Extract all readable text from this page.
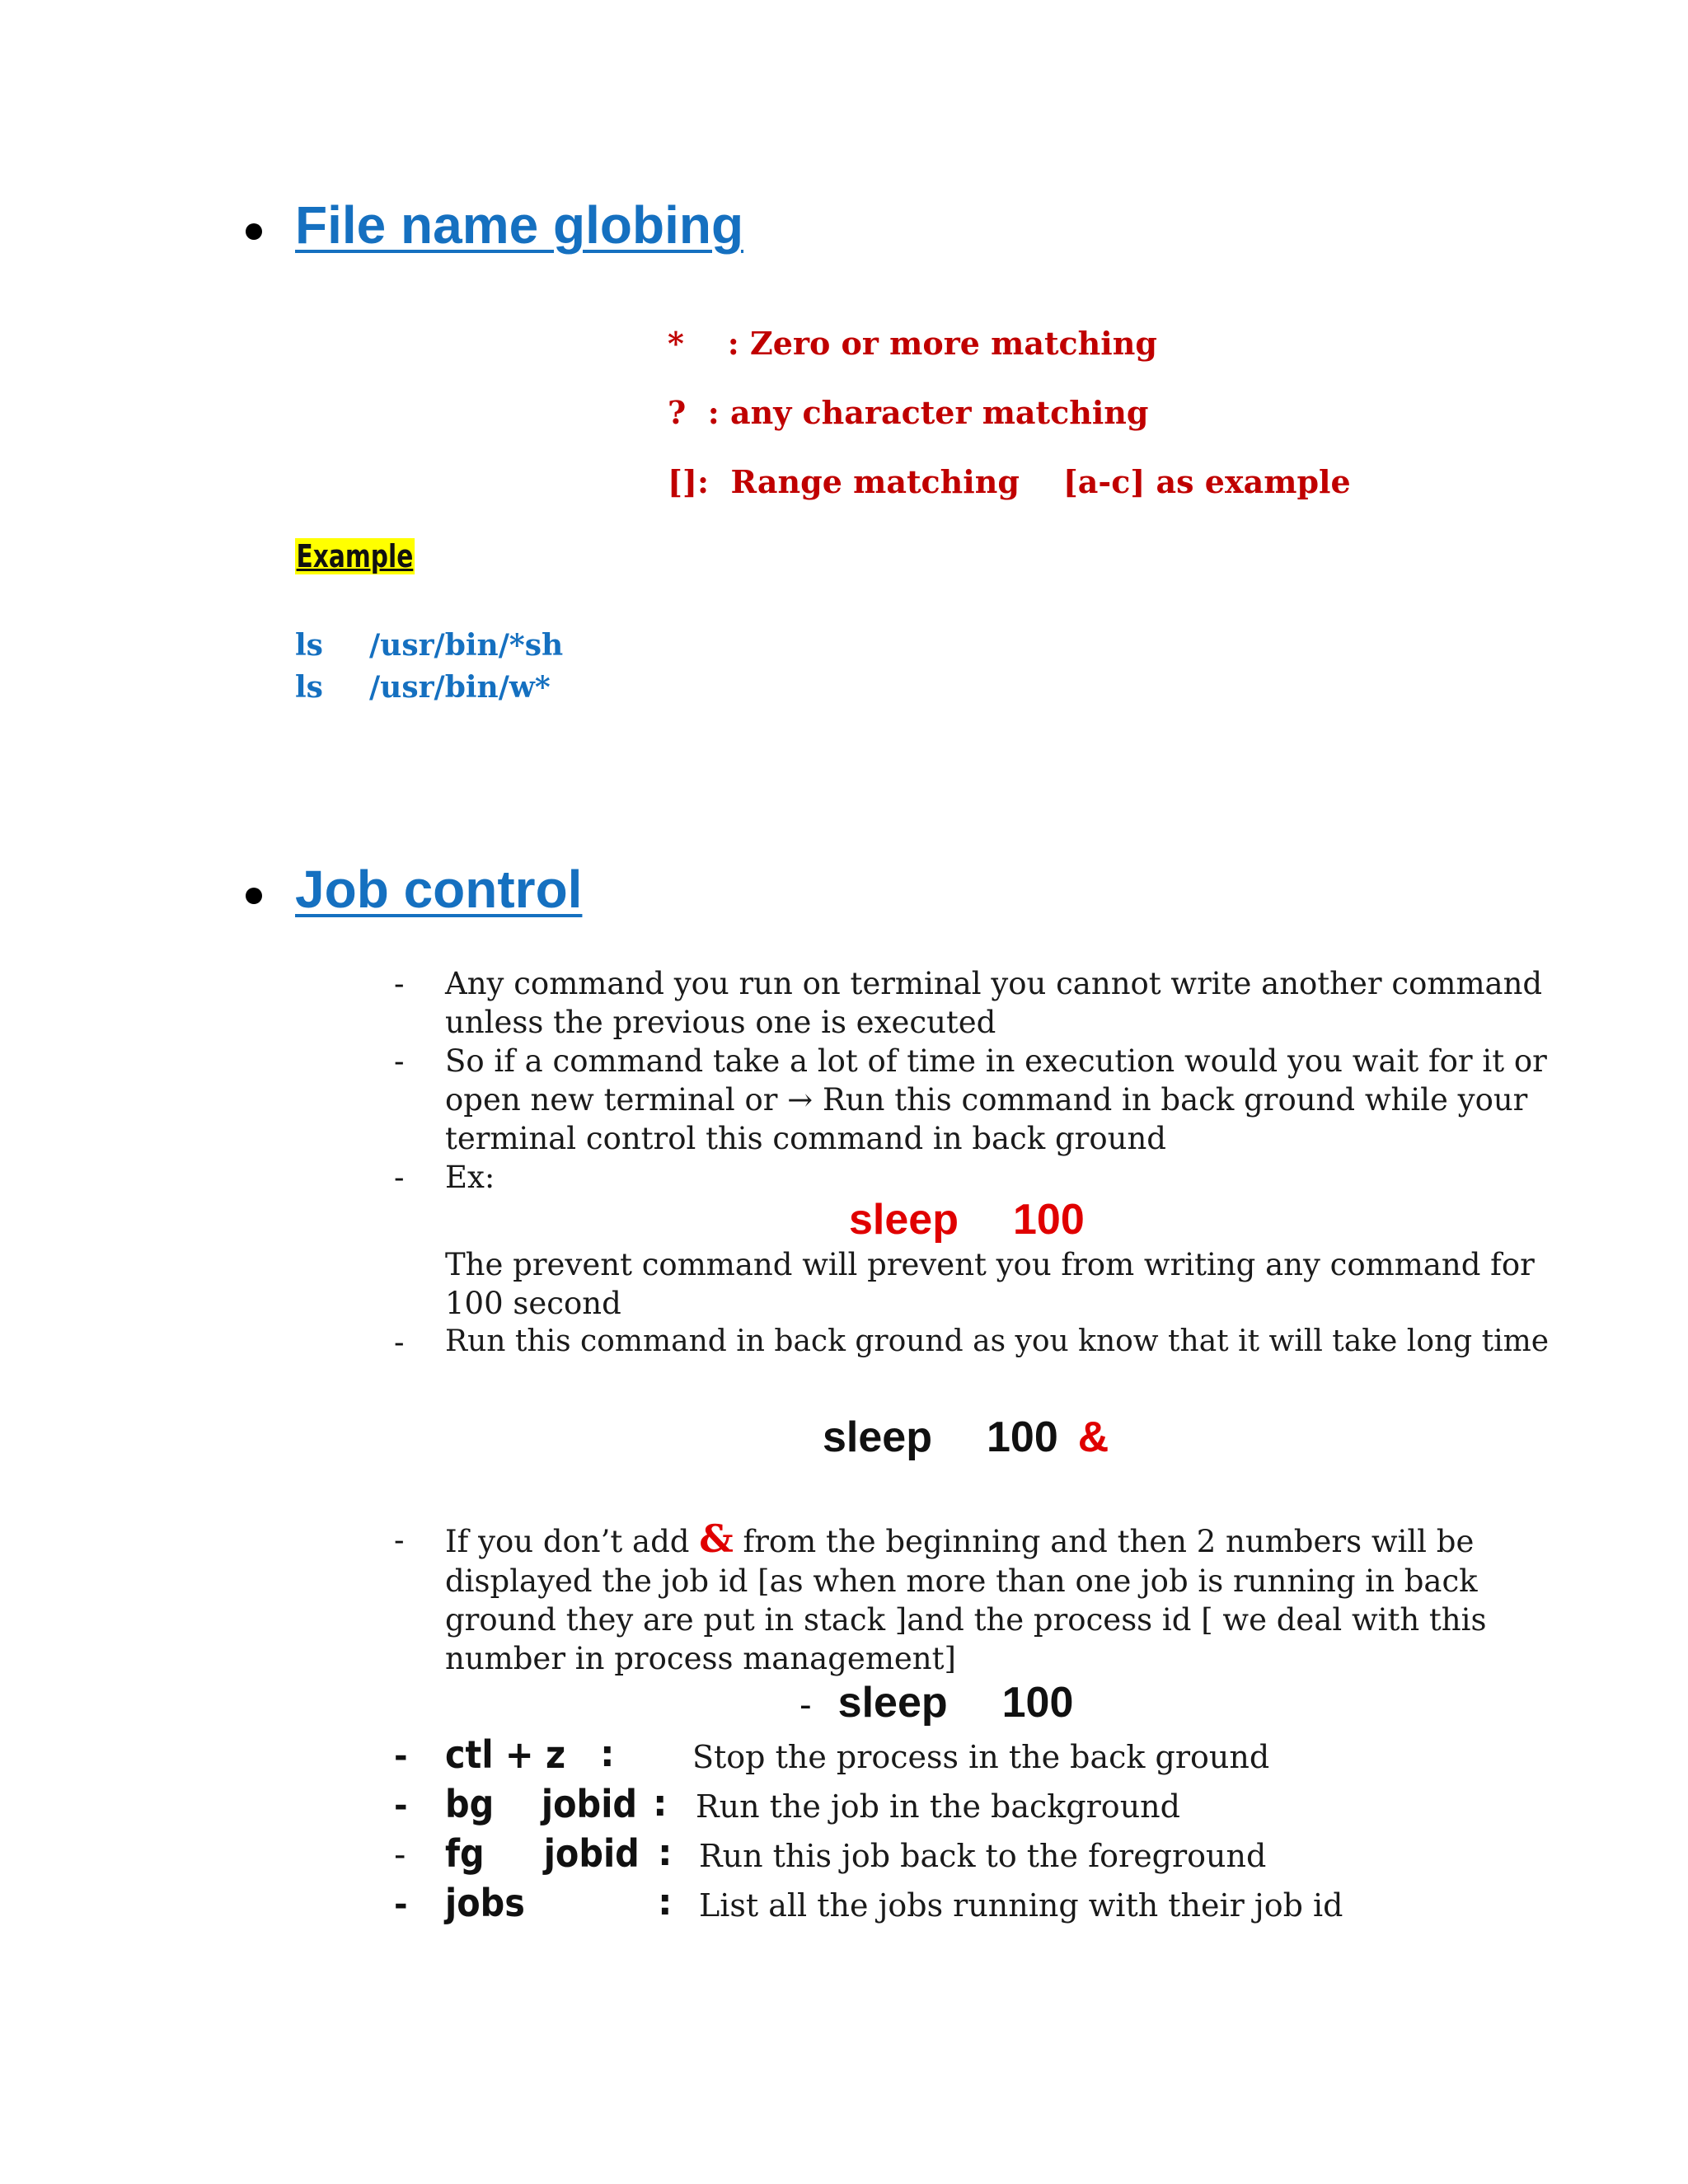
File name globing
*    : Zero or more matching
?  : any character matching
[]:  Range matching    [a-c] as example
Example
ls /usr/bin/*sh
ls /usr/bin/w*
Job control
- Any command you run on terminal you cannot write another command
unless the previous one is executed
- So if a command take a lot of time in execution would you wait for it or
open new terminal or → Run this command in back ground while your
terminal control this command in back ground
- Ex:
sleep 100
The prevent command will prevent you from writing any command for
100 second
- Run this command in back ground as you know that it will take long time
sleep 100 &
- If you don’t add & from the beginning and then 2 numbers will be
displayed the job id [as when more than one job is running in back
ground they are put in stack ]and the process id [ we deal with this
number in process management]
- sleep 100
- ctl + z : Stop the process in the back ground
- bg    jobid : Run the job in the background
- fg     jobid : Run this job back to the foreground
- jobs	: List all the jobs running with their job id
